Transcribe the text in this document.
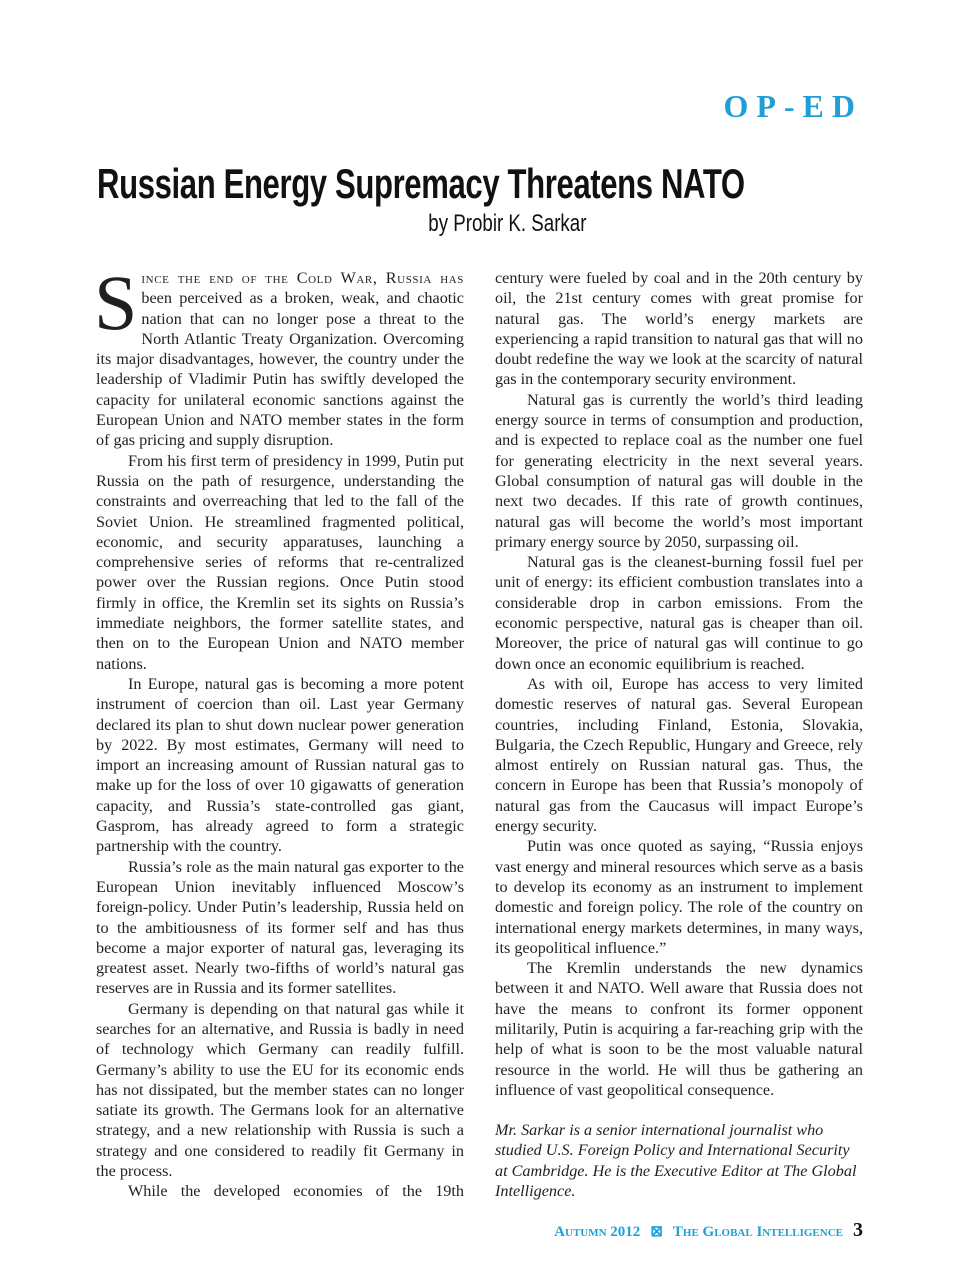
OP-ED
Russian Energy Supremacy Threatens NATO
by Probir K. Sarkar

Since the end of the Cold War, Russia has been perceived as a broken, weak, and chaotic nation that can no longer pose a threat to the North Atlantic Treaty Organization. Overcoming its major disadvantages, however, the country under the leadership of Vladimir Putin has swiftly developed the capacity for unilateral economic sanctions against the European Union and NATO member states in the form of gas pricing and supply disruption.

From his first term of presidency in 1999, Putin put Russia on the path of resurgence, understanding the constraints and overreaching that led to the fall of the Soviet Union. He streamlined fragmented political, economic, and security apparatuses, launching a comprehensive series of reforms that re-centralized power over the Russian regions. Once Putin stood firmly in office, the Kremlin set its sights on Russia’s immediate neighbors, the former satellite states, and then on to the European Union and NATO member nations.

In Europe, natural gas is becoming a more potent instrument of coercion than oil. Last year Germany declared its plan to shut down nuclear power generation by 2022. By most estimates, Germany will need to import an increasing amount of Russian natural gas to make up for the loss of over 10 gigawatts of generation capacity, and Russia’s state-controlled gas giant, Gasprom, has already agreed to form a strategic partnership with the country.

Russia’s role as the main natural gas exporter to the European Union inevitably influenced Moscow’s foreign-policy. Under Putin’s leadership, Russia held on to the ambitiousness of its former self and has thus become a major exporter of natural gas, leveraging its greatest asset. Nearly two-fifths of world’s natural gas reserves are in Russia and its former satellites.

Germany is depending on that natural gas while it searches for an alternative, and Russia is badly in need of technology which Germany can readily fulfill. Germany’s ability to use the EU for its economic ends has not dissipated, but the member states can no longer satiate its growth. The Germans look for an alternative strategy, and a new relationship with Russia is such a strategy and one considered to readily fit Germany in the process.

While the developed economies of the 19th

century were fueled by coal and in the 20th century by oil, the 21st century comes with great promise for natural gas. The world’s energy markets are experiencing a rapid transition to natural gas that will no doubt redefine the way we look at the scarcity of natural gas in the contemporary security environment.

Natural gas is currently the world’s third leading energy source in terms of consumption and production, and is expected to replace coal as the number one fuel for generating electricity in the next several years. Global consumption of natural gas will double in the next two decades. If this rate of growth continues, natural gas will become the world’s most important primary energy source by 2050, surpassing oil.

Natural gas is the cleanest-burning fossil fuel per unit of energy: its efficient combustion translates into a considerable drop in carbon emissions. From the economic perspective, natural gas is cheaper than oil. Moreover, the price of natural gas will continue to go down once an economic equilibrium is reached.

As with oil, Europe has access to very limited domestic reserves of natural gas. Several European countries, including Finland, Estonia, Slovakia, Bulgaria, the Czech Republic, Hungary and Greece, rely almost entirely on Russian natural gas. Thus, the concern in Europe has been that Russia’s monopoly of natural gas from the Caucasus will impact Europe’s energy security.

Putin was once quoted as saying, “Russia enjoys vast energy and mineral resources which serve as a basis to develop its economy as an instrument to implement domestic and foreign policy. The role of the country on international energy markets determines, in many ways, its geopolitical influence.”

The Kremlin understands the new dynamics between it and NATO. Well aware that Russia does not have the means to confront its former opponent militarily, Putin is acquiring a far-reaching grip with the help of what is soon to be the most valuable natural resource in the world. He will thus be gathering an influence of vast geopolitical consequence.

Mr. Sarkar is a senior international journalist who studied U.S. Foreign Policy and International Security at Cambridge. He is the Executive Editor at The Global Intelligence.

Autumn 2012 ⊠ The Global Intelligence 3
